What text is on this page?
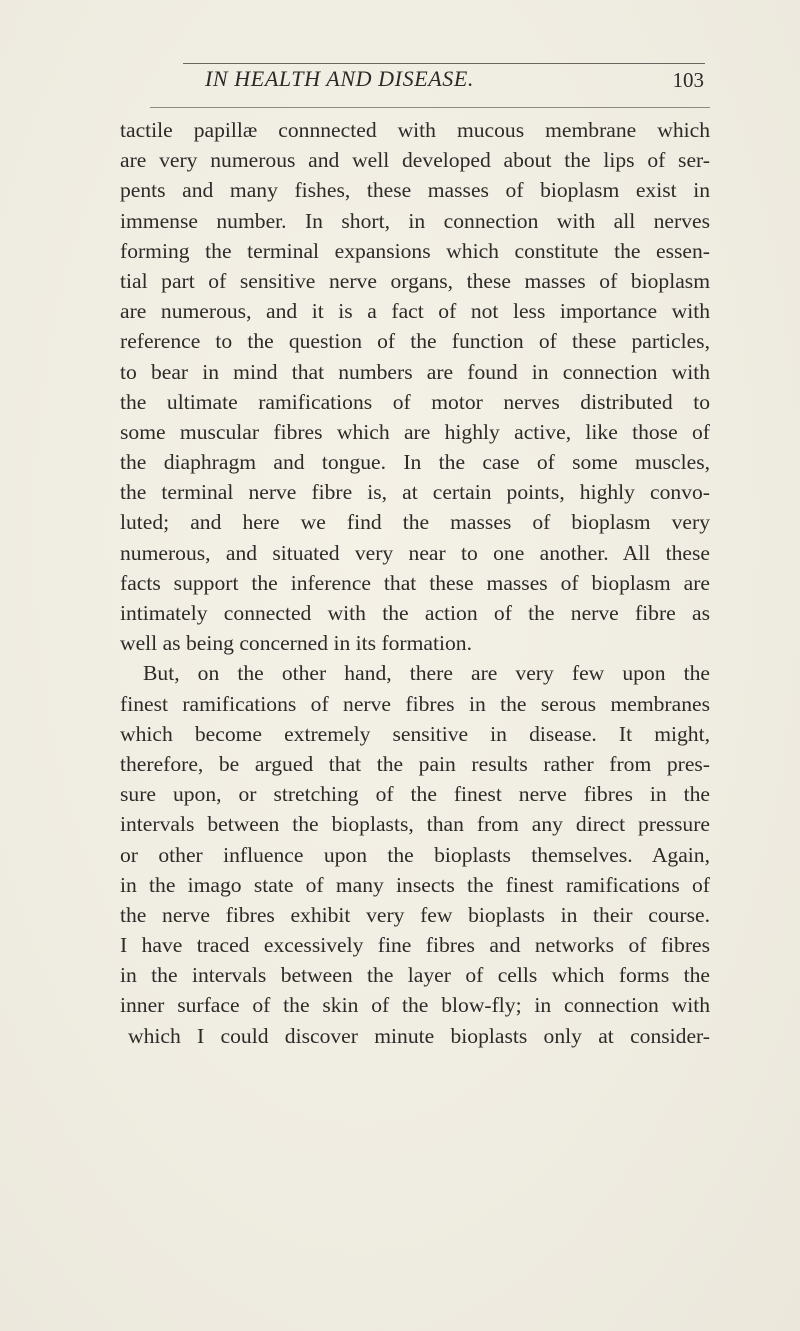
IN HEALTH AND DISEASE.	103
tactile papillæ connnected with mucous membrane which
are very numerous and well developed about the lips of ser-
pents and many fishes, these masses of bioplasm exist in
immense number. In short, in connection with all nerves
forming the terminal expansions which constitute the essen-
tial part of sensitive nerve organs, these masses of bioplasm
are numerous, and it is a fact of not less importance with
reference to the question of the function of these particles,
to bear in mind that numbers are found in connection with
the ultimate ramifications of motor nerves distributed to
some muscular fibres which are highly active, like those of
the diaphragm and tongue. In the case of some muscles,
the terminal nerve fibre is, at certain points, highly convo-
luted; and here we find the masses of bioplasm very
numerous, and situated very near to one another. All these
facts support the inference that these masses of bioplasm are
intimately connected with the action of the nerve fibre as
well as being concerned in its formation.
But, on the other hand, there are very few upon the
finest ramifications of nerve fibres in the serous membranes
which become extremely sensitive in disease. It might,
therefore, be argued that the pain results rather from pres-
sure upon, or stretching of the finest nerve fibres in the
intervals between the bioplasts, than from any direct pressure
or other influence upon the bioplasts themselves. Again,
in the imago state of many insects the finest ramifications of
the nerve fibres exhibit very few bioplasts in their course.
I have traced excessively fine fibres and networks of fibres
in the intervals between the layer of cells which forms the
inner surface of the skin of the blow-fly; in connection with
which I could discover minute bioplasts only at consider-
